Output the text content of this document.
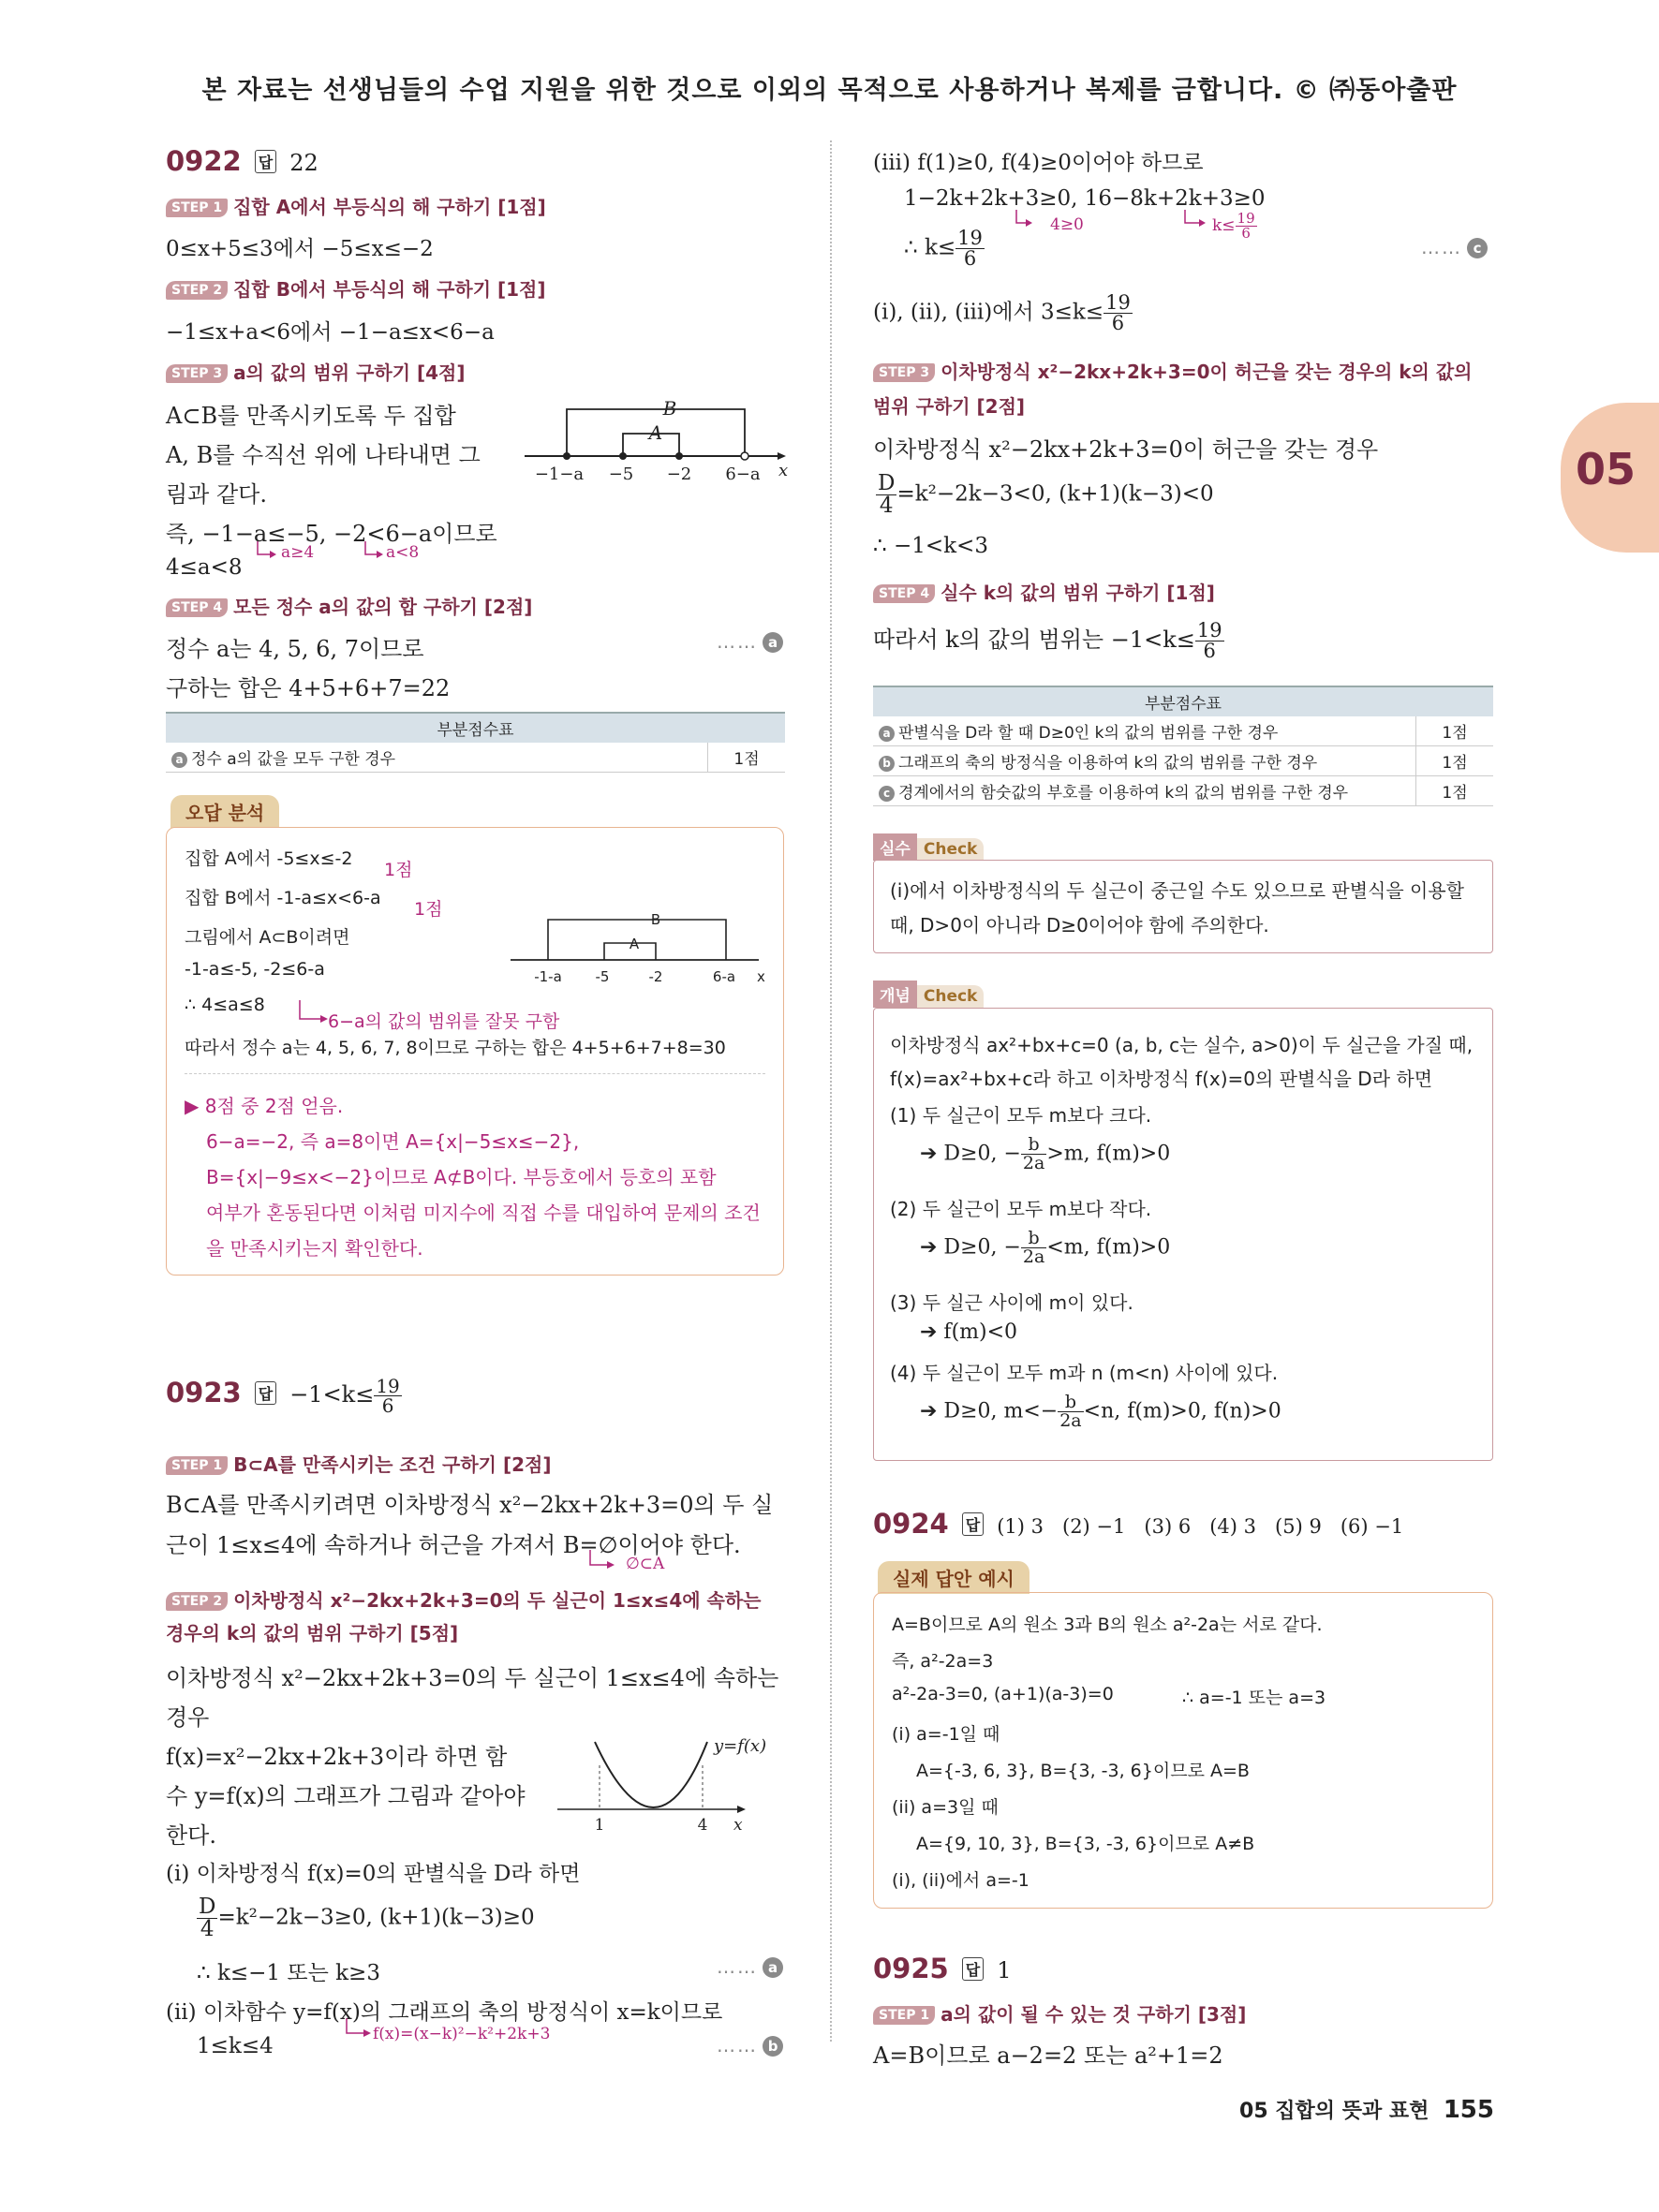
본 자료는 선생님들의 수업 지원을 위한 것으로 이외의 목적으로 사용하거나 복제를 금합니다. © ㈜동아출판
05
0922 답 22
STEP 1 집합 A에서 부등식의 해 구하기 [1점]
0≤x+5≤3에서 −5≤x≤−2
STEP 2 집합 B에서 부등식의 해 구하기 [1점]
−1≤x+a<6에서 −1−a≤x<6−a
STEP 3 a의 값의 범위 구하기 [4점]
A⊂B를 만족시키도록 두 집합
A, B를 수직선 위에 나타내면 그
림과 같다.
B
A
−1−a −5 −2 6−a x
즉, −1−a≤−5, −2<6−a이므로
a≥4	a<8
4≤a<8
STEP 4 모든 정수 a의 값의 합 구하기 [2점]
정수 a는 4, 5, 6, 7이므로	…… a
구하는 합은 4+5+6+7=22
부분점수표
a 정수 a의 값을 모두 구한 경우	1점
오답 분석
집합 A에서 -5≤x≤-2
1점
집합 B에서 -1-a≤x<6-a
1점
그림에서 A⊂B이려면
-1-a≤-5, -2≤6-a
∴ 4≤a≤8
6−a의 값의 범위를 잘못 구함
따라서 정수 a는 4, 5, 6, 7, 8이므로 구하는 합은 4+5+6+7+8=30
B
A
-1-a -5	-2	6-a x
▶ 8점 중 2점 얻음.
6−a=−2, 즉 a=8이면 A={x|−5≤x≤−2},
B={x|−9≤x<−2}이므로 A⊄B이다. 부등호에서 등호의 포함
여부가 혼동된다면 이처럼 미지수에 직접 수를 대입하여 문제의 조건
을 만족시키는지 확인한다.
0923 답 $-1<k\le \frac{19}{6}$
STEP 1 B⊂A를 만족시키는 조건 구하기 [2점]
B⊂A를 만족시키려면 이차방정식 x²−2kx+2k+3=0의 두 실
근이 1≤x≤4에 속하거나 허근을 가져서 B=∅이어야 한다.
∅⊂A
STEP 2 이차방정식 x²−2kx+2k+3=0의 두 실근이 1≤x≤4에 속하는
경우의 k의 값의 범위 구하기 [5점]
이차방정식 x²−2kx+2k+3=0의 두 실근이 1≤x≤4에 속하는
경우
f(x)=x²−2kx+2k+3이라 하면 함
수 y=f(x)의 그래프가 그림과 같아야
한다.
y=f(x)
1	4 x
(i) 이차방정식 f(x)=0의 판별식을 D라 하면
$\frac{D}{4} =k^2-2k-3\ge 0$, (k+1)(k−3)≥0
∴ k≤−1 또는 k≥3	…… a
(ii) 이차함수 y=f(x)의 그래프의 축의 방정식이 x=k이므로
f(x)=(x−k)²−k²+2k+3
1≤k≤4	…… b
(iii) f(1)≥0, f(4)≥0이어야 하므로
1−2k+2k+3≥0, 16−8k+2k+3≥0
4≥0	$k\le \frac{19}{6}$
∴ $k\le \frac{19}{6}$	…… c
(i), (ii), (iii)에서 $3\le k\le \frac{19}{6}$
STEP 3 이차방정식 x²−2kx+2k+3=0이 허근을 갖는 경우의 k의 값의
범위 구하기 [2점]
이차방정식 x²−2kx+2k+3=0이 허근을 갖는 경우
$\frac{D}{4} =k^2-2k-3<0$, (k+1)(k−3)<0
∴ −1<k<3
STEP 4 실수 k의 값의 범위 구하기 [1점]
따라서 k의 값의 범위는 $-1<k\le \frac{19}{6}$
부분점수표	
a 판별식을 D라 할 때 D≥0인 k의 값의 범위를 구한 경우	1점
b 그래프의 축의 방정식을 이용하여 k의 값의 범위를 구한 경우	1점
c 경계에서의 함숫값의 부호를 이용하여 k의 값의 범위를 구한 경우	1점
실수 Check
(i)에서 이차방정식의 두 실근이 중근일 수도 있으므로 판별식을 이용할
때, D>0이 아니라 D≥0이어야 함에 주의한다.
개념 Check
이차방정식 ax²+bx+c=0 (a, b, c는 실수, a>0)이 두 실근을 가질 때,
f(x)=ax²+bx+c라 하고 이차방정식 f(x)=0의 판별식을 D라 하면
(1) 두 실근이 모두 m보다 크다.
➔ D≥0, − $\frac{b}{2a} >m$, f(m)>0
(2) 두 실근이 모두 m보다 작다.
➔ D≥0, − $\frac{b}{2a} <m$, f(m)>0
(3) 두 실근 사이에 m이 있다.
➔ f(m)<0
(4) 두 실근이 모두 m과 n (m<n) 사이에 있다.
➔ D≥0, $m<- \frac{b}{2a} <n$, f(m)>0, f(n)>0
0924 답 (1) 3   (2) −1   (3) 6   (4) 3   (5) 9   (6) −1
실제 답안 예시
A=B이므로 A의 원소 3과 B의 원소 a²-2a는 서로 같다.
즉, a²-2a=3
a²-2a-3=0, (a+1)(a-3)=0	∴ a=-1 또는 a=3
(i) a=-1일 때
A={-3, 6, 3}, B={3, -3, 6}이므로 A=B
(ii) a=3일 때
A={9, 10, 3}, B={3, -3, 6}이므로 A≠B
(i), (ii)에서 a=-1
0925 답 1
STEP 1 a의 값이 될 수 있는 것 구하기 [3점]
A=B이므로 a−2=2 또는 a²+1=2
05 집합의 뜻과 표현 155
